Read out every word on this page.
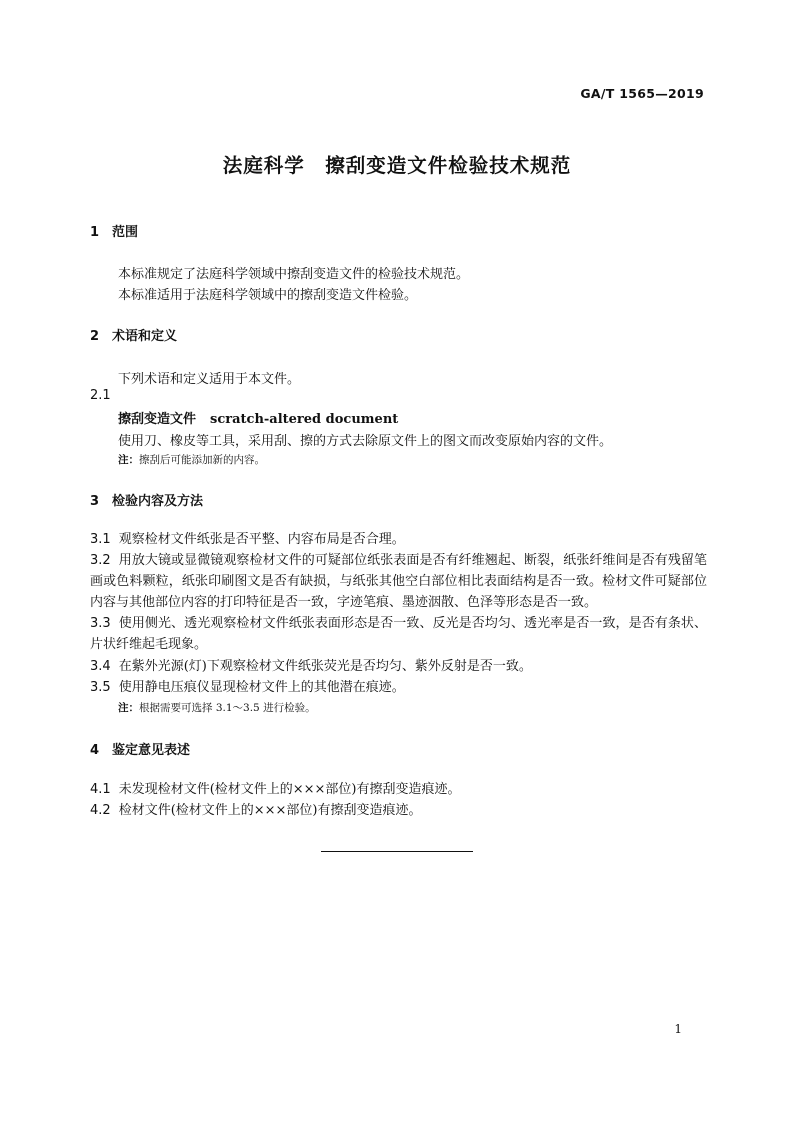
GA/T 1565—2019
法庭科学　擦刮变造文件检验技术规范
1 范围
本标准规定了法庭科学领域中擦刮变造文件的检验技术规范。
本标准适用于法庭科学领域中的擦刮变造文件检验。
2 术语和定义
下列术语和定义适用于本文件。
2.1
擦刮变造文件 scratch-altered document
使用刀、橡皮等工具，采用刮、擦的方式去除原文件上的图文而改变原始内容的文件。
注：擦刮后可能添加新的内容。
3 检验内容及方法
3.1 观察检材文件纸张是否平整、内容布局是否合理。
3.2 用放大镜或显微镜观察检材文件的可疑部位纸张表面是否有纤维翘起、断裂，纸张纤维间是否有残留笔画或色料颗粒，纸张印刷图文是否有缺损，与纸张其他空白部位相比表面结构是否一致。检材文件可疑部位内容与其他部位内容的打印特征是否一致，字迹笔痕、墨迹洇散、色泽等形态是否一致。
3.3 使用侧光、透光观察检材文件纸张表面形态是否一致、反光是否均匀、透光率是否一致，是否有条状、片状纤维起毛现象。
3.4 在紫外光源(灯)下观察检材文件纸张荧光是否均匀、紫外反射是否一致。
3.5 使用静电压痕仪显现检材文件上的其他潜在痕迹。
注：根据需要可选择 3.1～3.5 进行检验。
4 鉴定意见表述
4.1 未发现检材文件(检材文件上的×××部位)有擦刮变造痕迹。
4.2 检材文件(检材文件上的×××部位)有擦刮变造痕迹。
1
